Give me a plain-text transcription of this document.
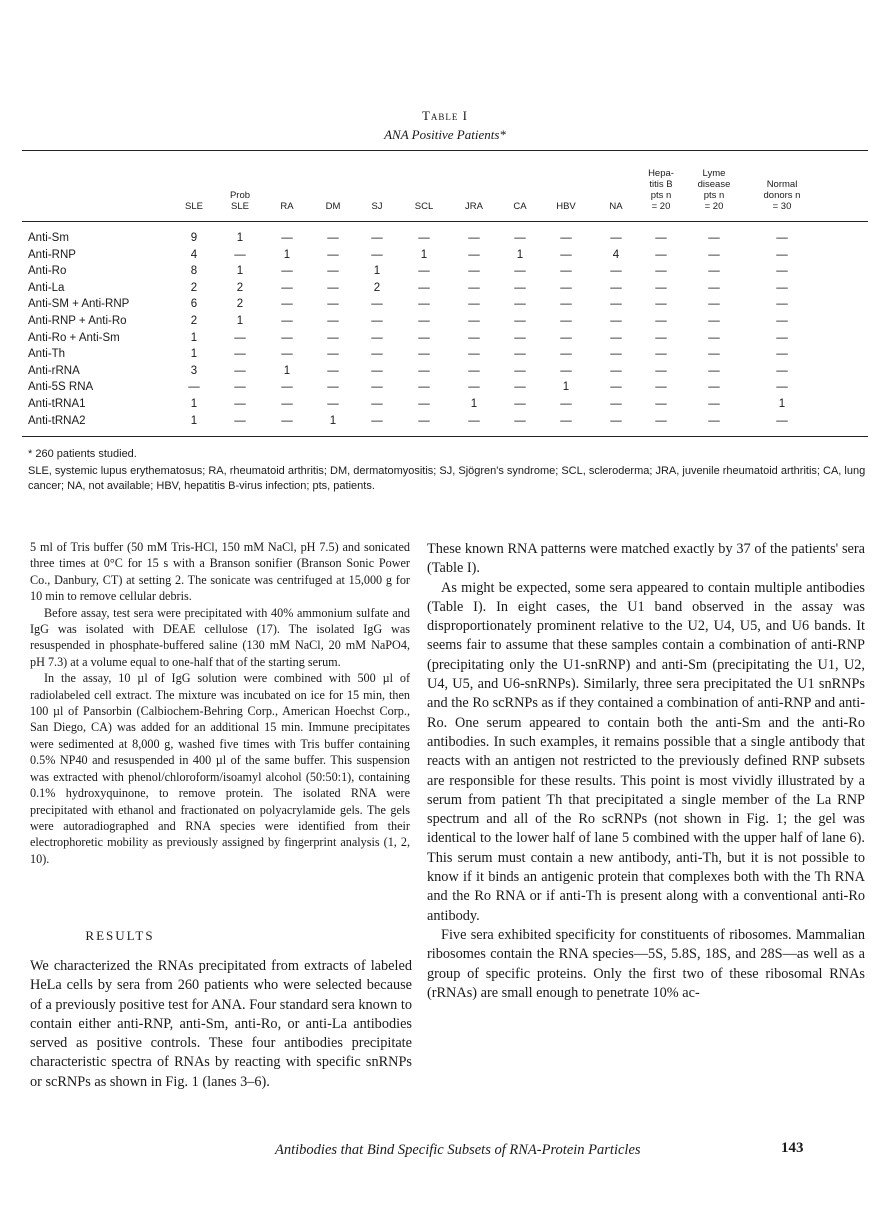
Table I
ANA Positive Patients*
SLE
Prob
SLE	RA	DM	SJ	SCL	JRA	CA	HBV	NA
Hepa-
titis B
pts n
= 20
Lyme
disease
pts n
= 20
Normal
donors n
= 30
Anti-Sm	9	1	—	—	—	—	—	—	—	—	—	—	—
Anti-RNP	4	—	1	—	—	1	—	1	—	4	—	—	—
Anti-Ro	8	1	—	—	1	—	—	—	—	—	—	—	—
Anti-La	2	2	—	—	2	—	—	—	—	—	—	—	—
Anti-SM + Anti-RNP	6	2	—	—	—	—	—	—	—	—	—	—	—
Anti-RNP + Anti-Ro	2	1	—	—	—	—	—	—	—	—	—	—	—
Anti-Ro + Anti-Sm	1	—	—	—	—	—	—	—	—	—	—	—	—
Anti-Th	1	—	—	—	—	—	—	—	—	—	—	—	—
Anti-rRNA	3	—	1	—	—	—	—	—	—	—	—	—	—
Anti-5S RNA	—	—	—	—	—	—	—	—	1	—	—	—	—
Anti-tRNA1	1	—	—	—	—	—	1	—	—	—	—	—	1
Anti-tRNA2	1	—	—	1	—	—	—	—	—	—	—	—	—
* 260 patients studied.
SLE, systemic lupus erythematosus; RA, rheumatoid arthritis; DM, dermatomyositis; SJ, Sjögren's syndrome; SCL, scleroderma; JRA, juvenile rheumatoid arthritis; CA, lung cancer; NA, not available; HBV, hepatitis B-virus infection; pts, patients.

5 ml of Tris buffer (50 mM Tris-HCl, 150 mM NaCl, pH 7.5) and sonicated three times at 0°C for 15 s with a Branson sonifier (Branson Sonic Power Co., Danbury, CT) at setting 2. The sonicate was centrifuged at 15,000 g for 10 min to remove cellular debris.

Before assay, test sera were precipitated with 40% ammonium sulfate and IgG was isolated with DEAE cellulose (17). The isolated IgG was resuspended in phosphate-buffered saline (130 mM NaCl, 20 mM NaPO4, pH 7.3) at a volume equal to one-half that of the starting serum.

In the assay, 10 µl of IgG solution were combined with 500 µl of radiolabeled cell extract. The mixture was incubated on ice for 15 min, then 100 µl of Pansorbin (Calbiochem-Behring Corp., American Hoechst Corp., San Diego, CA) was added for an additional 15 min. Immune precipitates were sedimented at 8,000 g, washed five times with Tris buffer containing 0.5% NP40 and resuspended in 400 µl of the same buffer. This suspension was extracted with phenol/chloroform/isoamyl alcohol (50:50:1), containing 0.1% hydroxyquinone, to remove protein. The isolated RNA were precipitated with ethanol and fractionated on polyacrylamide gels. The gels were autoradiographed and RNA species were identified from their electrophoretic mobility as previously assigned by fingerprint analysis (1, 2, 10).

RESULTS

We characterized the RNAs precipitated from extracts of labeled HeLa cells by sera from 260 patients who were selected because of a previously positive test for ANA. Four standard sera known to contain either anti-RNP, anti-Sm, anti-Ro, or anti-La antibodies served as positive controls. These four antibodies precipitate characteristic spectra of RNAs by reacting with specific snRNPs or scRNPs as shown in Fig. 1 (lanes 3–6).

These known RNA patterns were matched exactly by 37 of the patients' sera (Table I).

As might be expected, some sera appeared to contain multiple antibodies (Table I). In eight cases, the U1 band observed in the assay was disproportionately prominent relative to the U2, U4, U5, and U6 bands. It seems fair to assume that these samples contain a combination of anti-RNP (precipitating only the U1-snRNP) and anti-Sm (precipitating the U1, U2, U4, U5, and U6-snRNPs). Similarly, three sera precipitated the U1 snRNPs and the Ro scRNPs as if they contained a combination of anti-RNP and anti-Ro. One serum appeared to contain both the anti-Sm and the anti-Ro antibodies. In such examples, it remains possible that a single antibody that reacts with an antigen not restricted to the previously defined RNP subsets are responsible for these results. This point is most vividly illustrated by a serum from patient Th that precipitated a single member of the La RNP spectrum and all of the Ro scRNPs (not shown in Fig. 1; the gel was identical to the lower half of lane 5 combined with the upper half of lane 6). This serum must contain a new antibody, anti-Th, but it is not possible to know if it binds an antigenic protein that complexes both with the Th RNA and the Ro RNA or if anti-Th is present along with a conventional anti-Ro antibody.

Five sera exhibited specificity for constituents of ribosomes. Mammalian ribosomes contain the RNA species—5S, 5.8S, 18S, and 28S—as well as a group of specific proteins. Only the first two of these ribosomal RNAs (rRNAs) are small enough to penetrate 10% ac-

Antibodies that Bind Specific Subsets of RNA-Protein Particles	143
